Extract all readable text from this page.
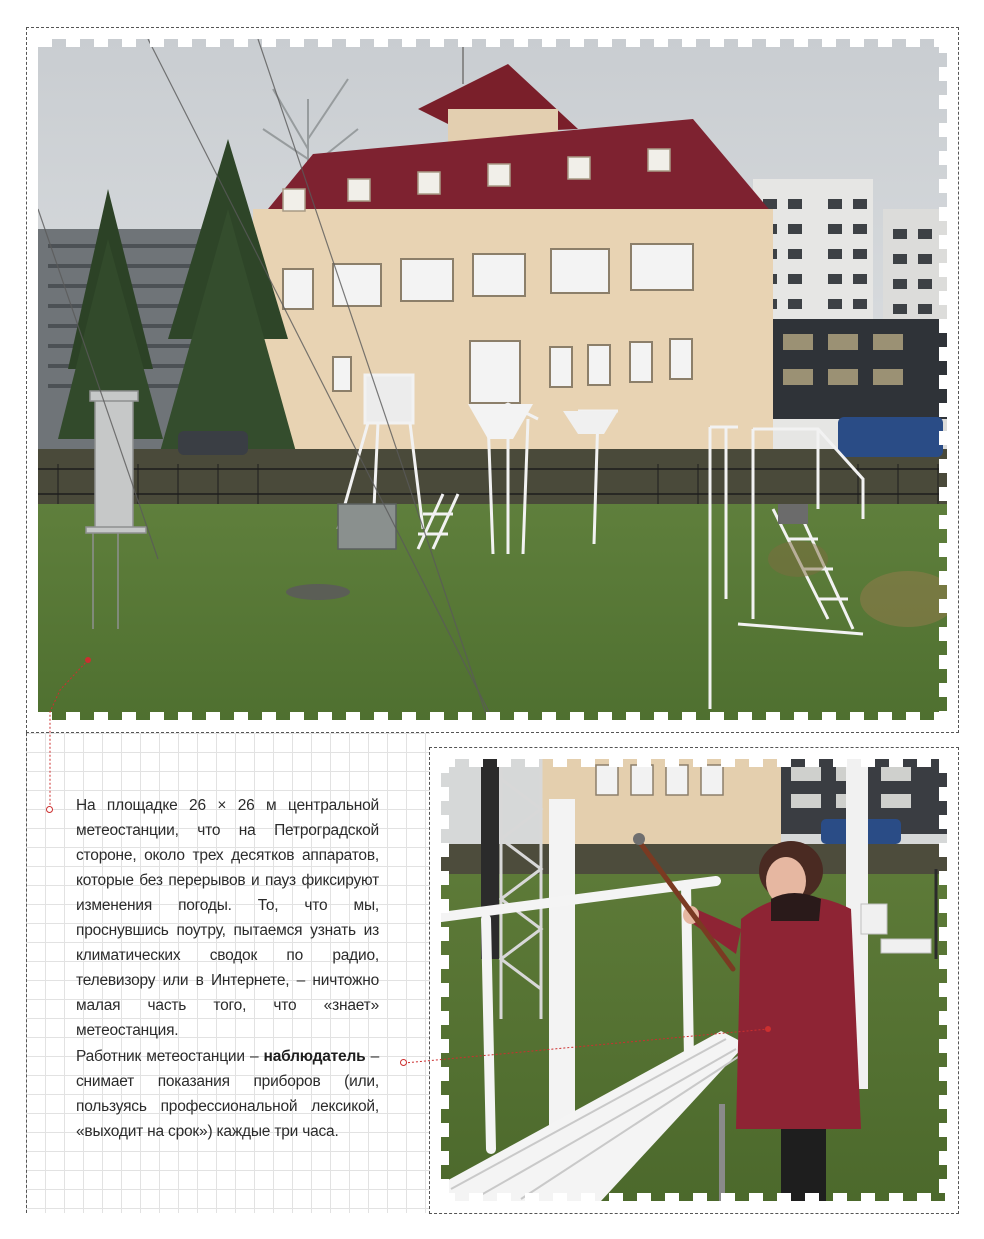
На площадке 26 × 26 м центральной метеостанции, что на Петроградской стороне, около трех десятков аппаратов, которые без перерывов и пауз фиксируют изменения погоды. То, что мы, проснувшись поутру, пытаемся узнать из климатических сводок по радио, телевизору или в Интернете, – ничтожно малая часть того, что «знает» метеостанция.

Работник метеостанции – наблюдатель – снимает показания приборов (или, пользуясь профессиональной лексикой, «выходит на срок») каждые три часа.
